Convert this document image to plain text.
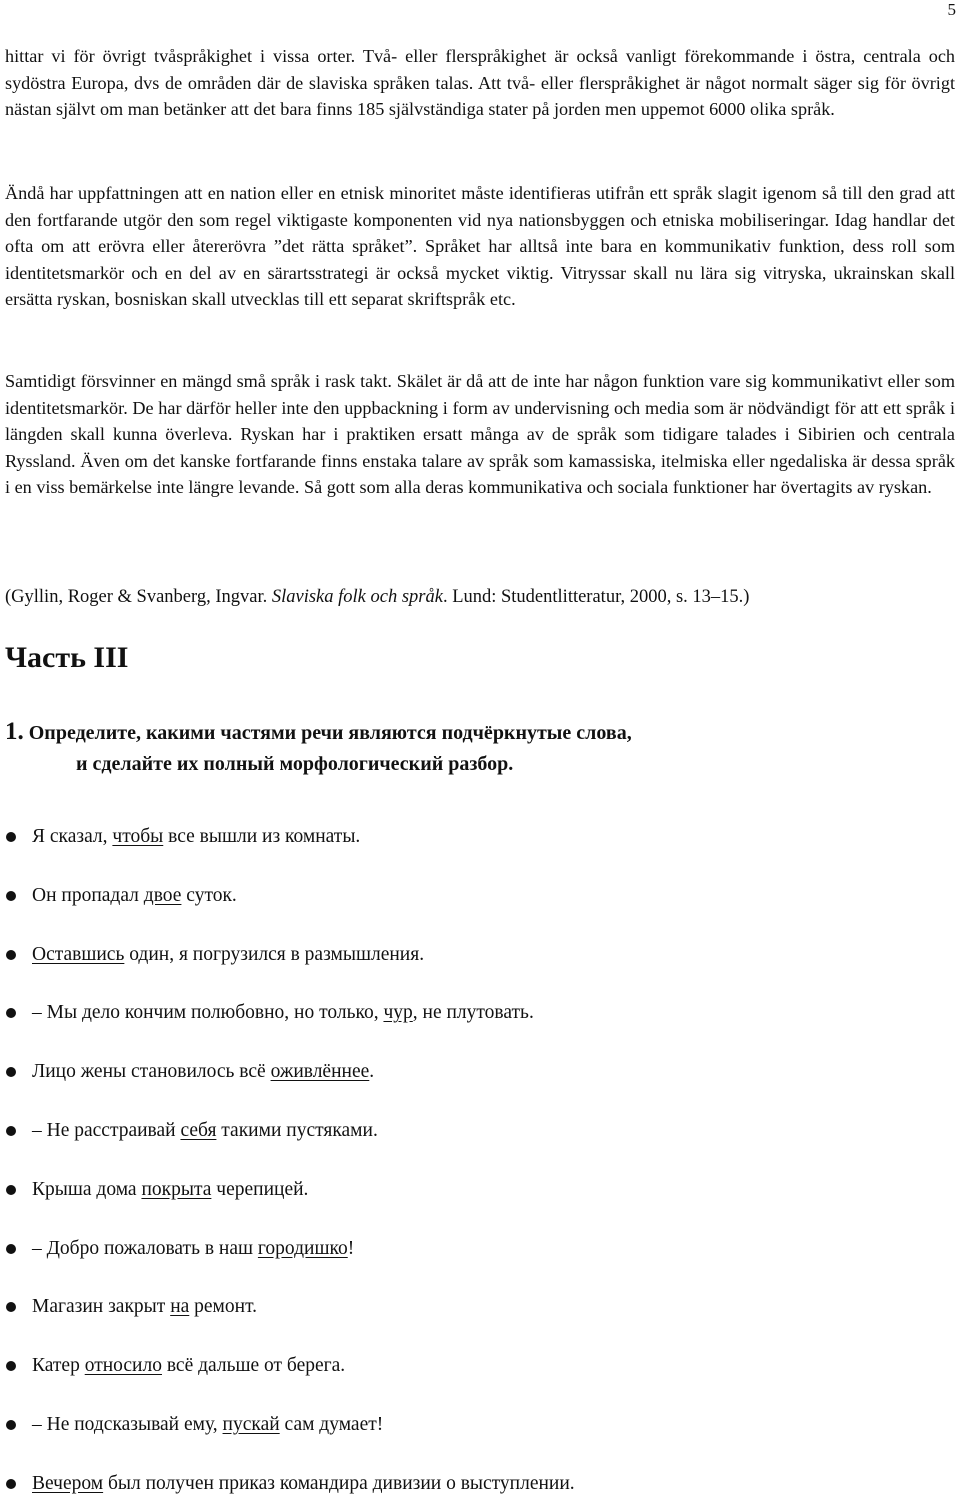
5

hittar vi för övrigt tvåspråkighet i vissa orter. Två- eller flerspråkighet är också vanligt förekommande i östra, centrala och sydöstra Europa, dvs de områden där de slaviska språken talas. Att två- eller flerspråkighet är något normalt säger sig för övrigt nästan självt om man betänker att det bara finns 185 självständiga stater på jorden men uppemot 6000 olika språk.

Ändå har uppfattningen att en nation eller en etnisk minoritet måste identifieras utifrån ett språk slagit igenom så till den grad att den fortfarande utgör den som regel viktigaste komponenten vid nya nationsbyggen och etniska mobiliseringar. Idag handlar det ofta om att erövra eller återerövra ”det rätta språket”. Språket har alltså inte bara en kommunikativ funktion, dess roll som identitetsmarkör och en del av en särartsstrategi är också mycket viktig. Vitryssar skall nu lära sig vitryska, ukrainskan skall ersätta ryskan, bosniskan skall utvecklas till ett separat skriftspråk etc.

Samtidigt försvinner en mängd små språk i rask takt. Skälet är då att de inte har någon funktion vare sig kommunikativt eller som identitetsmarkör. De har därför heller inte den uppbackning i form av undervisning och media som är nödvändigt för att ett språk i längden skall kunna överleva. Ryskan har i praktiken ersatt många av de språk som tidigare talades i Sibirien och centrala Ryssland. Även om det kanske fortfarande finns enstaka talare av språk som kamassiska, itelmiska eller ngedaliska är dessa språk i en viss bemärkelse inte längre levande. Så gott som alla deras kommunikativa och sociala funktioner har övertagits av ryskan.

(Gyllin, Roger & Svanberg, Ingvar. Slaviska folk och språk. Lund: Studentlitteratur, 2000, s. 13–15.)

Часть III
1. Определите, какими частями речи являются подчёркнутые слова,
и сделайте их полный морфологический разбор.
Я сказал, чтобы все вышли из комнаты.
Он пропадал двое суток.
Оставшись один, я погрузился в размышления.
– Мы дело кончим полюбовно, но только, чур, не плутовать.
Лицо жены становилось всё оживлённее.
– Не расстраивай себя такими пустяками.
Крыша дома покрыта черепицей.
– Добро пожаловать в наш городишко!
Магазин закрыт на ремонт.
Катер относило всё дальше от берега.
– Не подсказывай ему, пускай сам думает!
Вечером был получен приказ командира дивизии о выступлении.
